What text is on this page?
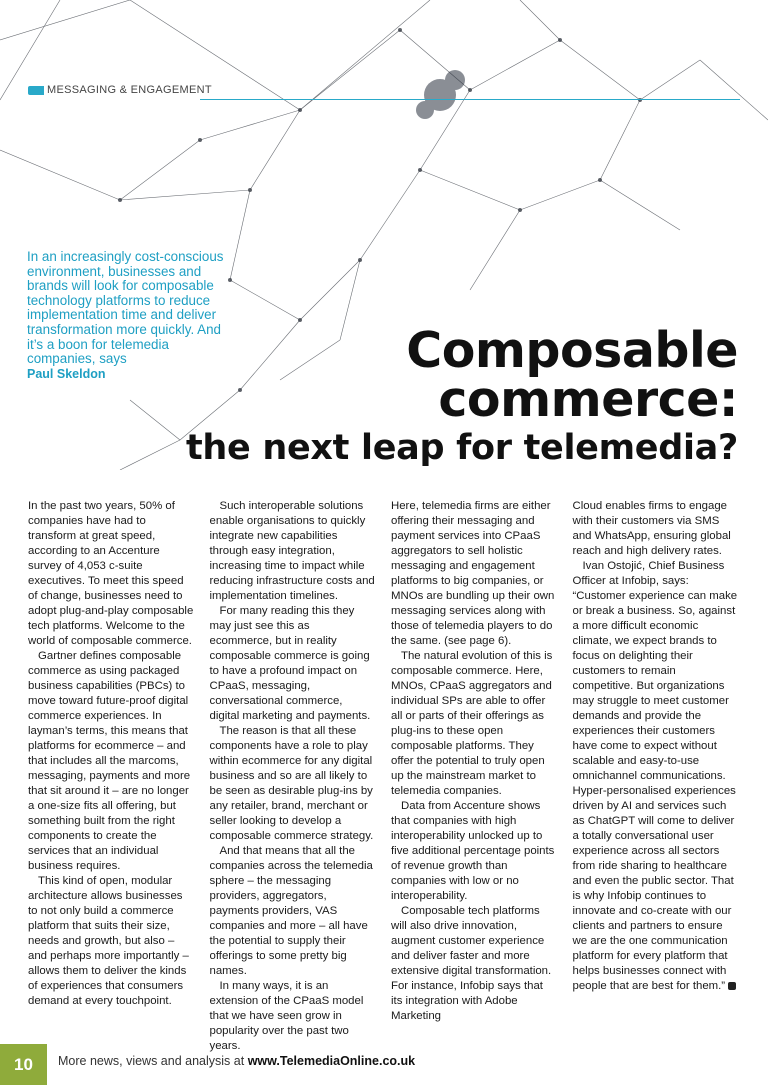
MESSAGING & ENGAGEMENT
In an increasingly cost-conscious environment, businesses and brands will look for composable technology platforms to reduce implementation time and deliver transformation more quickly. And it’s a boon for telemedia companies, says
Paul Skeldon	Composable
commerce:
the next leap for telemedia?

In the past two years, 50% of companies have had to transform at great speed, according to an Accenture survey of 4,053 c-suite executives. To meet this speed of change, businesses need to adopt plug-and-play composable tech platforms. Welcome to the world of composable commerce.

Gartner defines composable commerce as using packaged business capabilities (PBCs) to move toward future-proof digital commerce experiences. In layman’s terms, this means that platforms for ecommerce – and that includes all the marcoms, messaging, payments and more that sit around it – are no longer a one-size fits all offering, but something built from the right components to create the services that an individual business requires.

This kind of open, modular architecture allows businesses to not only build a commerce platform that suits their size, needs and growth, but also – and perhaps more importantly – allows them to deliver the kinds of experiences that consumers demand at every touchpoint.

Such interoperable solutions enable organisations to quickly integrate new capabilities through easy integration, increasing time to impact while reducing infrastructure costs and implementation timelines.

For many reading this they may just see this as ecommerce, but in reality composable commerce is going to have a profound impact on CPaaS, messaging, conversational commerce, digital marketing and payments.

The reason is that all these components have a role to play within ecommerce for any digital business and so are all likely to be seen as desirable plug-ins by any retailer, brand, merchant or seller looking to develop a composable commerce strategy.

And that means that all the companies across the telemedia sphere – the messaging providers, aggregators, payments providers, VAS companies and more – all have the potential to supply their offerings to some pretty big names.

In many ways, it is an extension of the CPaaS model that we have seen grow in popularity over the past two years.

Here, telemedia firms are either offering their messaging and payment services into CPaaS aggregators to sell holistic messaging and engagement platforms to big companies, or MNOs are bundling up their own messaging services along with those of telemedia players to do the same. (see page 6).

The natural evolution of this is composable commerce. Here, MNOs, CPaaS aggregators and individual SPs are able to offer all or parts of their offerings as plug-ins to these open composable platforms. They offer the potential to truly open up the mainstream market to telemedia companies.

Data from Accenture shows that companies with high interoperability unlocked up to five additional percentage points of revenue growth than companies with low or no interoperability.

Composable tech platforms will also drive innovation, augment customer experience and deliver faster and more extensive digital transformation. For instance, Infobip says that its integration with Adobe Marketing

Cloud enables firms to engage with their customers via SMS and WhatsApp, ensuring global reach and high delivery rates.

Ivan Ostojić, Chief Business Officer at Infobip, says: “Customer experience can make or break a business. So, against a more difficult economic climate, we expect brands to focus on delighting their customers to remain competitive. But organizations may struggle to meet customer demands and provide the experiences their customers have come to expect without scalable and easy-to-use omnichannel communications. Hyper-personalised experiences driven by AI and services such as ChatGPT will come to deliver a totally conversational user experience across all sectors from ride sharing to healthcare and even the public sector. That is why Infobip continues to innovate and co-create with our clients and partners to ensure we are the one communication platform for every platform that helps businesses connect with people that are best for them.”

10	More news, views and analysis at www.TelemediaOnline.co.uk
